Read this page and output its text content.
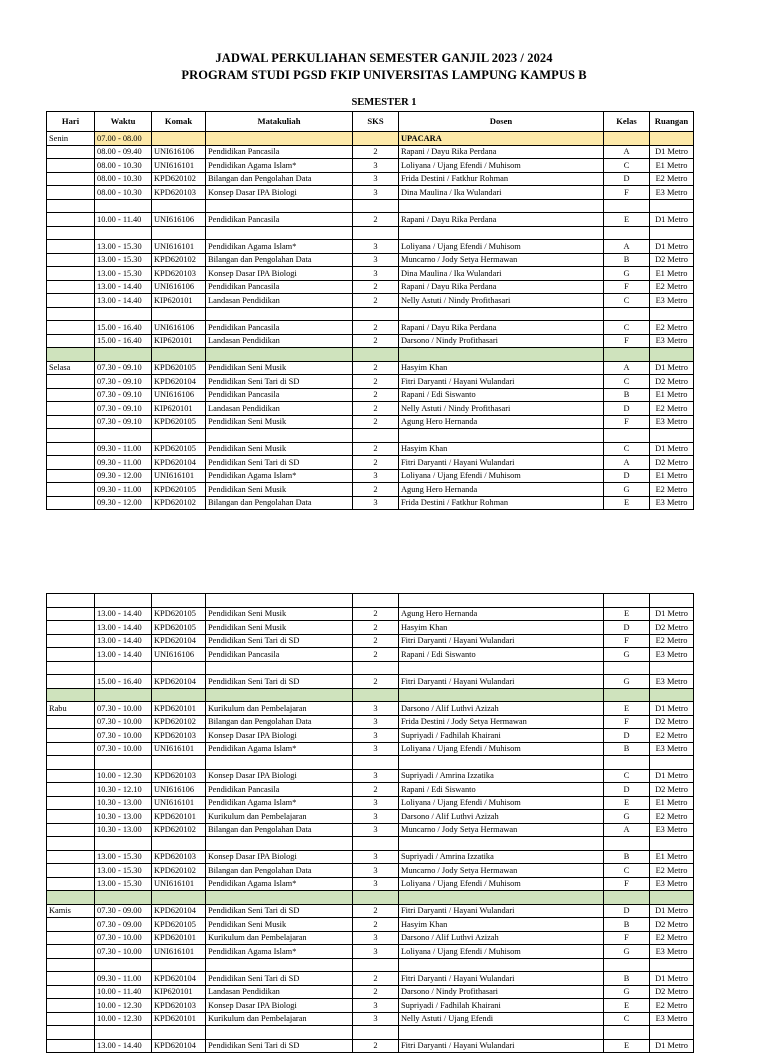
JADWAL PERKULIAHAN SEMESTER GANJIL 2023 / 2024
PROGRAM STUDI PGSD FKIP UNIVERSITAS LAMPUNG KAMPUS B
SEMESTER 1
Hari	Waktu	Komak	Matakuliah	SKS	Dosen	Kelas	Ruangan
Senin	07.00 - 08.00				UPACARA		
	08.00 - 09.40	UNI616106	Pendidikan Pancasila	2	Rapani / Dayu Rika Perdana	A	D1 Metro
	08.00 - 10.30	UNI616101	Pendidikan Agama Islam*	3	Loliyana / Ujang Efendi / Muhisom	C	E1 Metro
	08.00 - 10.30	KPD620102	Bilangan dan Pengolahan Data	3	Frida Destini / Fatkhur Rohman	D	E2 Metro
	08.00 - 10.30	KPD620103	Konsep Dasar IPA Biologi	3	Dina Maulina / Ika Wulandari	F	E3 Metro

	10.00 - 11.40	UNI616106	Pendidikan Pancasila	2	Rapani / Dayu Rika Perdana	E	D1 Metro

	13.00 - 15.30	UNI616101	Pendidikan Agama Islam*	3	Loliyana / Ujang Efendi / Muhisom	A	D1 Metro
	13.00 - 15.30	KPD620102	Bilangan dan Pengolahan Data	3	Muncarno / Jody Setya Hermawan	B	D2 Metro
	13.00 - 15.30	KPD620103	Konsep Dasar IPA Biologi	3	Dina Maulina / Ika Wulandari	G	E1 Metro
	13.00 - 14.40	UNI616106	Pendidikan Pancasila	2	Rapani / Dayu Rika Perdana	F	E2 Metro
	13.00 - 14.40	KIP620101	Landasan Pendidikan	2	Nelly Astuti / Nindy Profithasari	C	E3 Metro

	15.00 - 16.40	UNI616106	Pendidikan Pancasila	2	Rapani / Dayu Rika Perdana	C	E2 Metro
	15.00 - 16.40	KIP620101	Landasan Pendidikan	2	Darsono / Nindy Profithasari	F	E3 Metro

Selasa	07.30 - 09.10	KPD620105	Pendidikan Seni Musik	2	Hasyim Khan	A	D1 Metro
	07.30 - 09.10	KPD620104	Pendidikan Seni Tari di SD	2	Fitri Daryanti / Hayani Wulandari	C	D2 Metro
	07.30 - 09.10	UNI616106	Pendidikan Pancasila	2	Rapani / Edi Siswanto	B	E1 Metro
	07.30 - 09.10	KIP620101	Landasan Pendidikan	2	Nelly Astuti / Nindy Profithasari	D	E2 Metro
	07.30 - 09.10	KPD620105	Pendidikan Seni Musik	2	Agung Hero Hernanda	F	E3 Metro

	09.30 - 11.00	KPD620105	Pendidikan Seni Musik	2	Hasyim Khan	C	D1 Metro
	09.30 - 11.00	KPD620104	Pendidikan Seni Tari di SD	2	Fitri Daryanti / Hayani Wulandari	A	D2 Metro
	09.30 - 12.00	UNI616101	Pendidikan Agama Islam*	3	Loliyana / Ujang Efendi / Muhisom	D	E1 Metro
	09.30 - 11.00	KPD620105	Pendidikan Seni Musik	2	Agung Hero Hernanda	G	E2 Metro
	09.30 - 12.00	KPD620102	Bilangan dan Pengolahan Data	3	Frida Destini / Fatkhur Rohman	E	E3 Metro

	13.00 - 14.40	KPD620105	Pendidikan Seni Musik	2	Agung Hero Hernanda	E	D1 Metro
	13.00 - 14.40	KPD620105	Pendidikan Seni Musik	2	Hasyim Khan	D	D2 Metro
	13.00 - 14.40	KPD620104	Pendidikan Seni Tari di SD	2	Fitri Daryanti / Hayani Wulandari	F	E2 Metro
	13.00 - 14.40	UNI616106	Pendidikan Pancasila	2	Rapani / Edi Siswanto	G	E3 Metro

	15.00 - 16.40	KPD620104	Pendidikan Seni Tari di SD	2	Fitri Daryanti / Hayani Wulandari	G	E3 Metro

Rabu	07.30 - 10.00	KPD620101	Kurikulum dan Pembelajaran	3	Darsono / Alif Luthvi Azizah	E	D1 Metro
	07.30 - 10.00	KPD620102	Bilangan dan Pengolahan Data	3	Frida Destini / Jody Setya Hermawan	F	D2 Metro
	07.30 - 10.00	KPD620103	Konsep Dasar IPA Biologi	3	Supriyadi / Fadhilah Khairani	D	E2 Metro
	07.30 - 10.00	UNI616101	Pendidikan Agama Islam*	3	Loliyana / Ujang Efendi / Muhisom	B	E3 Metro

	10.00 - 12.30	KPD620103	Konsep Dasar IPA Biologi	3	Supriyadi / Amrina Izzatika	C	D1 Metro
	10.30 - 12.10	UNI616106	Pendidikan Pancasila	2	Rapani / Edi Siswanto	D	D2 Metro
	10.30 - 13.00	UNI616101	Pendidikan Agama Islam*	3	Loliyana / Ujang Efendi / Muhisom	E	E1 Metro
	10.30 - 13.00	KPD620101	Kurikulum dan Pembelajaran	3	Darsono / Alif Luthvi Azizah	G	E2 Metro
	10.30 - 13.00	KPD620102	Bilangan dan Pengolahan Data	3	Muncarno / Jody Setya Hermawan	A	E3 Metro

	13.00 - 15.30	KPD620103	Konsep Dasar IPA Biologi	3	Supriyadi / Amrina Izzatika	B	E1 Metro
	13.00 - 15.30	KPD620102	Bilangan dan Pengolahan Data	3	Muncarno / Jody Setya Hermawan	C	E2 Metro
	13.00 - 15.30	UNI616101	Pendidikan Agama Islam*	3	Loliyana / Ujang Efendi / Muhisom	F	E3 Metro

Kamis	07.30 - 09.00	KPD620104	Pendidikan Seni Tari di SD	2	Fitri Daryanti / Hayani Wulandari	D	D1 Metro
	07.30 - 09.00	KPD620105	Pendidikan Seni Musik	2	Hasyim Khan	B	D2 Metro
	07.30 - 10.00	KPD620101	Kurikulum dan Pembelajaran	3	Darsono / Alif Luthvi Azizah	F	E2 Metro
	07.30 - 10.00	UNI616101	Pendidikan Agama Islam*	3	Loliyana / Ujang Efendi / Muhisom	G	E3 Metro

	09.30 - 11.00	KPD620104	Pendidikan Seni Tari di SD	2	Fitri Daryanti / Hayani Wulandari	B	D1 Metro
	10.00 - 11.40	KIP620101	Landasan Pendidikan	2	Darsono / Nindy Profithasari	G	D2 Metro
	10.00 - 12.30	KPD620103	Konsep Dasar IPA Biologi	3	Supriyadi / Fadhilah Khairani	E	E2 Metro
	10.00 - 12.30	KPD620101	Kurikulum dan Pembelajaran	3	Nelly Astuti / Ujang Efendi	C	E3 Metro

	13.00 - 14.40	KPD620104	Pendidikan Seni Tari di SD	2	Fitri Daryanti / Hayani Wulandari	E	D1 Metro
